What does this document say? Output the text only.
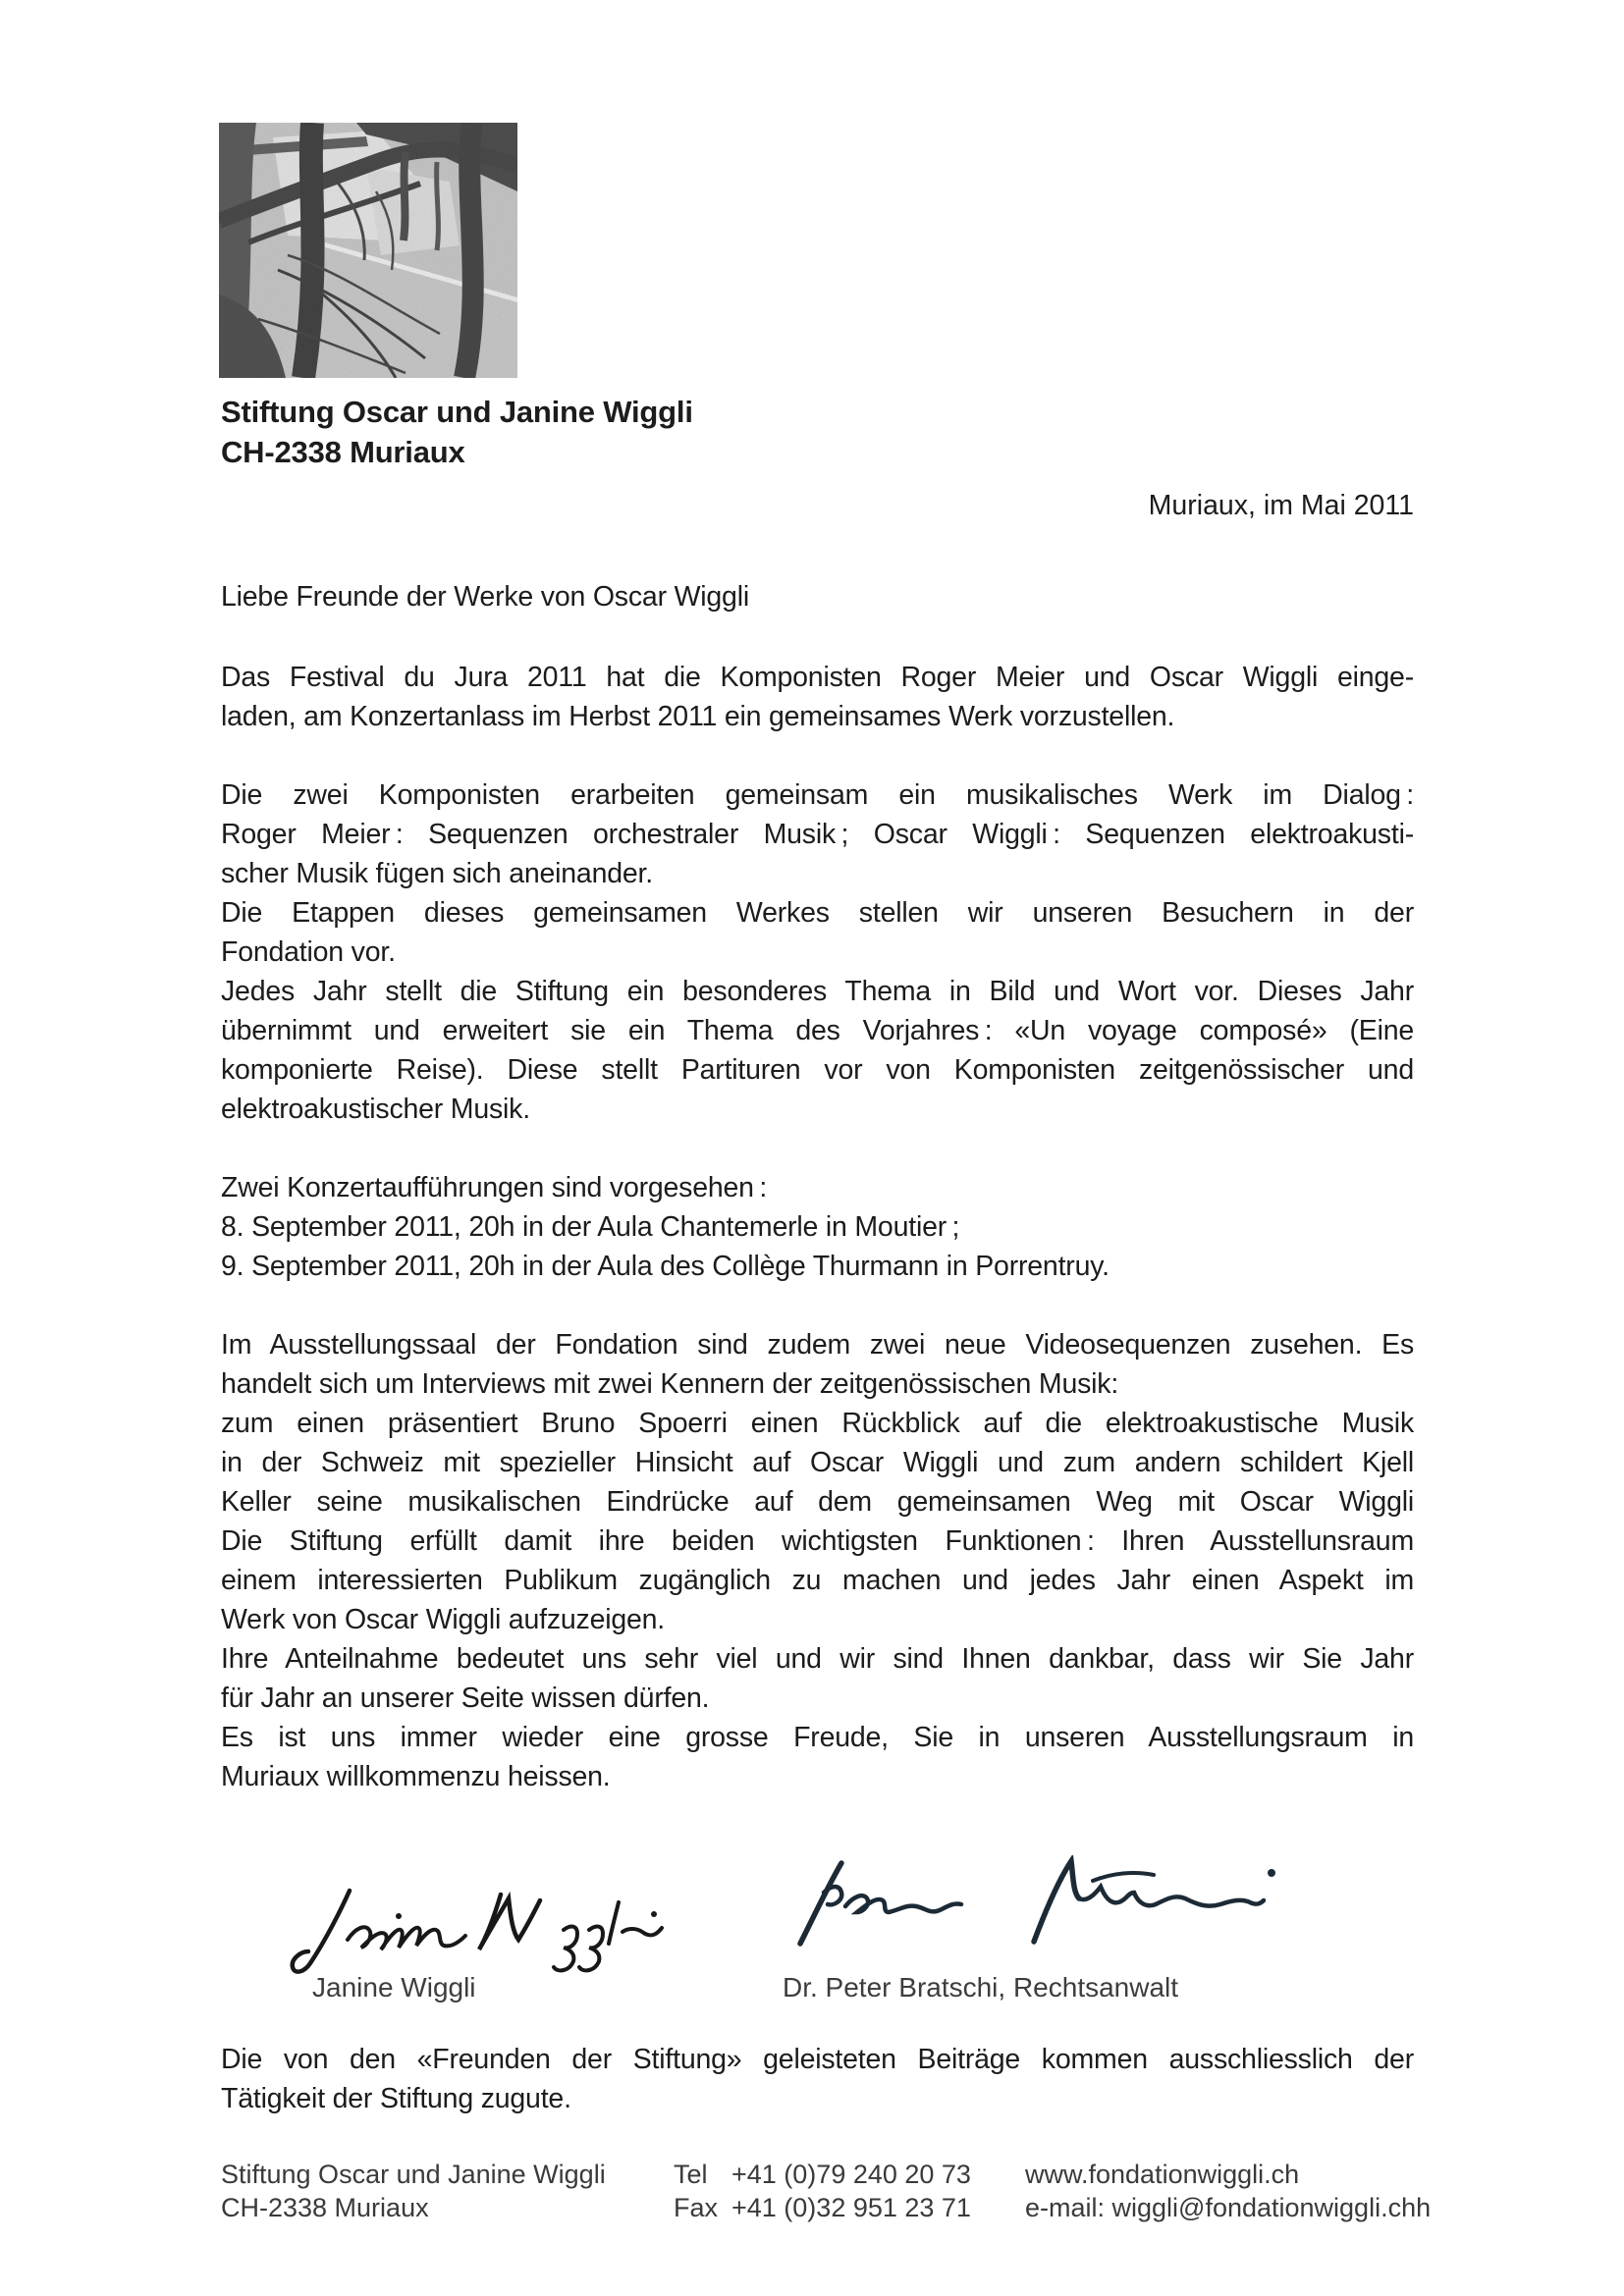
Stiftung Oscar und Janine Wiggli
CH-2338 Muriaux
Muriaux, im Mai 2011
Liebe Freunde der Werke von Oscar Wiggli
Das Festival du Jura 2011 hat die Komponisten Roger Meier und Oscar Wiggli einge-
laden, am Konzertanlass im Herbst 2011 ein gemeinsames Werk vorzustellen.
Die zwei Komponisten erarbeiten gemeinsam ein musikalisches Werk im Dialog :
Roger Meier : Sequenzen orchestraler Musik ; Oscar Wiggli : Sequenzen elektroakusti-
scher Musik fügen sich aneinander.
Die Etappen dieses gemeinsamen Werkes stellen wir unseren Besuchern in der
Fondation vor.
Jedes Jahr stellt die Stiftung ein besonderes Thema in Bild und Wort vor. Dieses Jahr
übernimmt und erweitert sie ein Thema des Vorjahres : «Un voyage composé» (Eine
komponierte Reise). Diese stellt Partituren vor von Komponisten zeitgenössischer und
elektroakustischer Musik.
Zwei Konzertaufführungen sind vorgesehen :
8. September 2011, 20h in der Aula Chantemerle in Moutier ;
9. September 2011, 20h in der Aula des Collège Thurmann in Porrentruy.
Im Ausstellungssaal der Fondation sind zudem zwei neue Videosequenzen zusehen. Es
handelt sich um Interviews mit zwei Kennern der zeitgenössischen Musik:
zum einen präsentiert Bruno Spoerri einen Rückblick auf die elektroakustische Musik
in der Schweiz mit spezieller Hinsicht auf Oscar Wiggli und zum andern schildert Kjell
Keller seine musikalischen Eindrücke auf dem gemeinsamen Weg mit Oscar Wiggli
Die Stiftung erfüllt damit ihre beiden wichtigsten Funktionen : Ihren Ausstellunsraum
einem interessierten Publikum zugänglich zu machen und jedes Jahr einen Aspekt im
Werk von Oscar Wiggli aufzuzeigen.
Ihre Anteilnahme bedeutet uns sehr viel und wir sind Ihnen dankbar, dass wir Sie Jahr
für Jahr an unserer Seite wissen dürfen.
Es ist uns immer wieder eine grosse Freude, Sie in unseren Ausstellungsraum in
Muriaux willkommenzu heissen.
Janine Wiggli	Dr. Peter Bratschi, Rechtsanwalt
Die von den «Freunden der Stiftung» geleisteten Beiträge kommen ausschliesslich der
Tätigkeit der Stiftung zugute.
Stiftung Oscar und Janine Wiggli
CH-2338 Muriaux
Tel +41 (0)79 240 20 73
Fax +41 (0)32 951 23 71
www.fondationwiggli.ch
e-mail: wiggli@fondationwiggli.chh
